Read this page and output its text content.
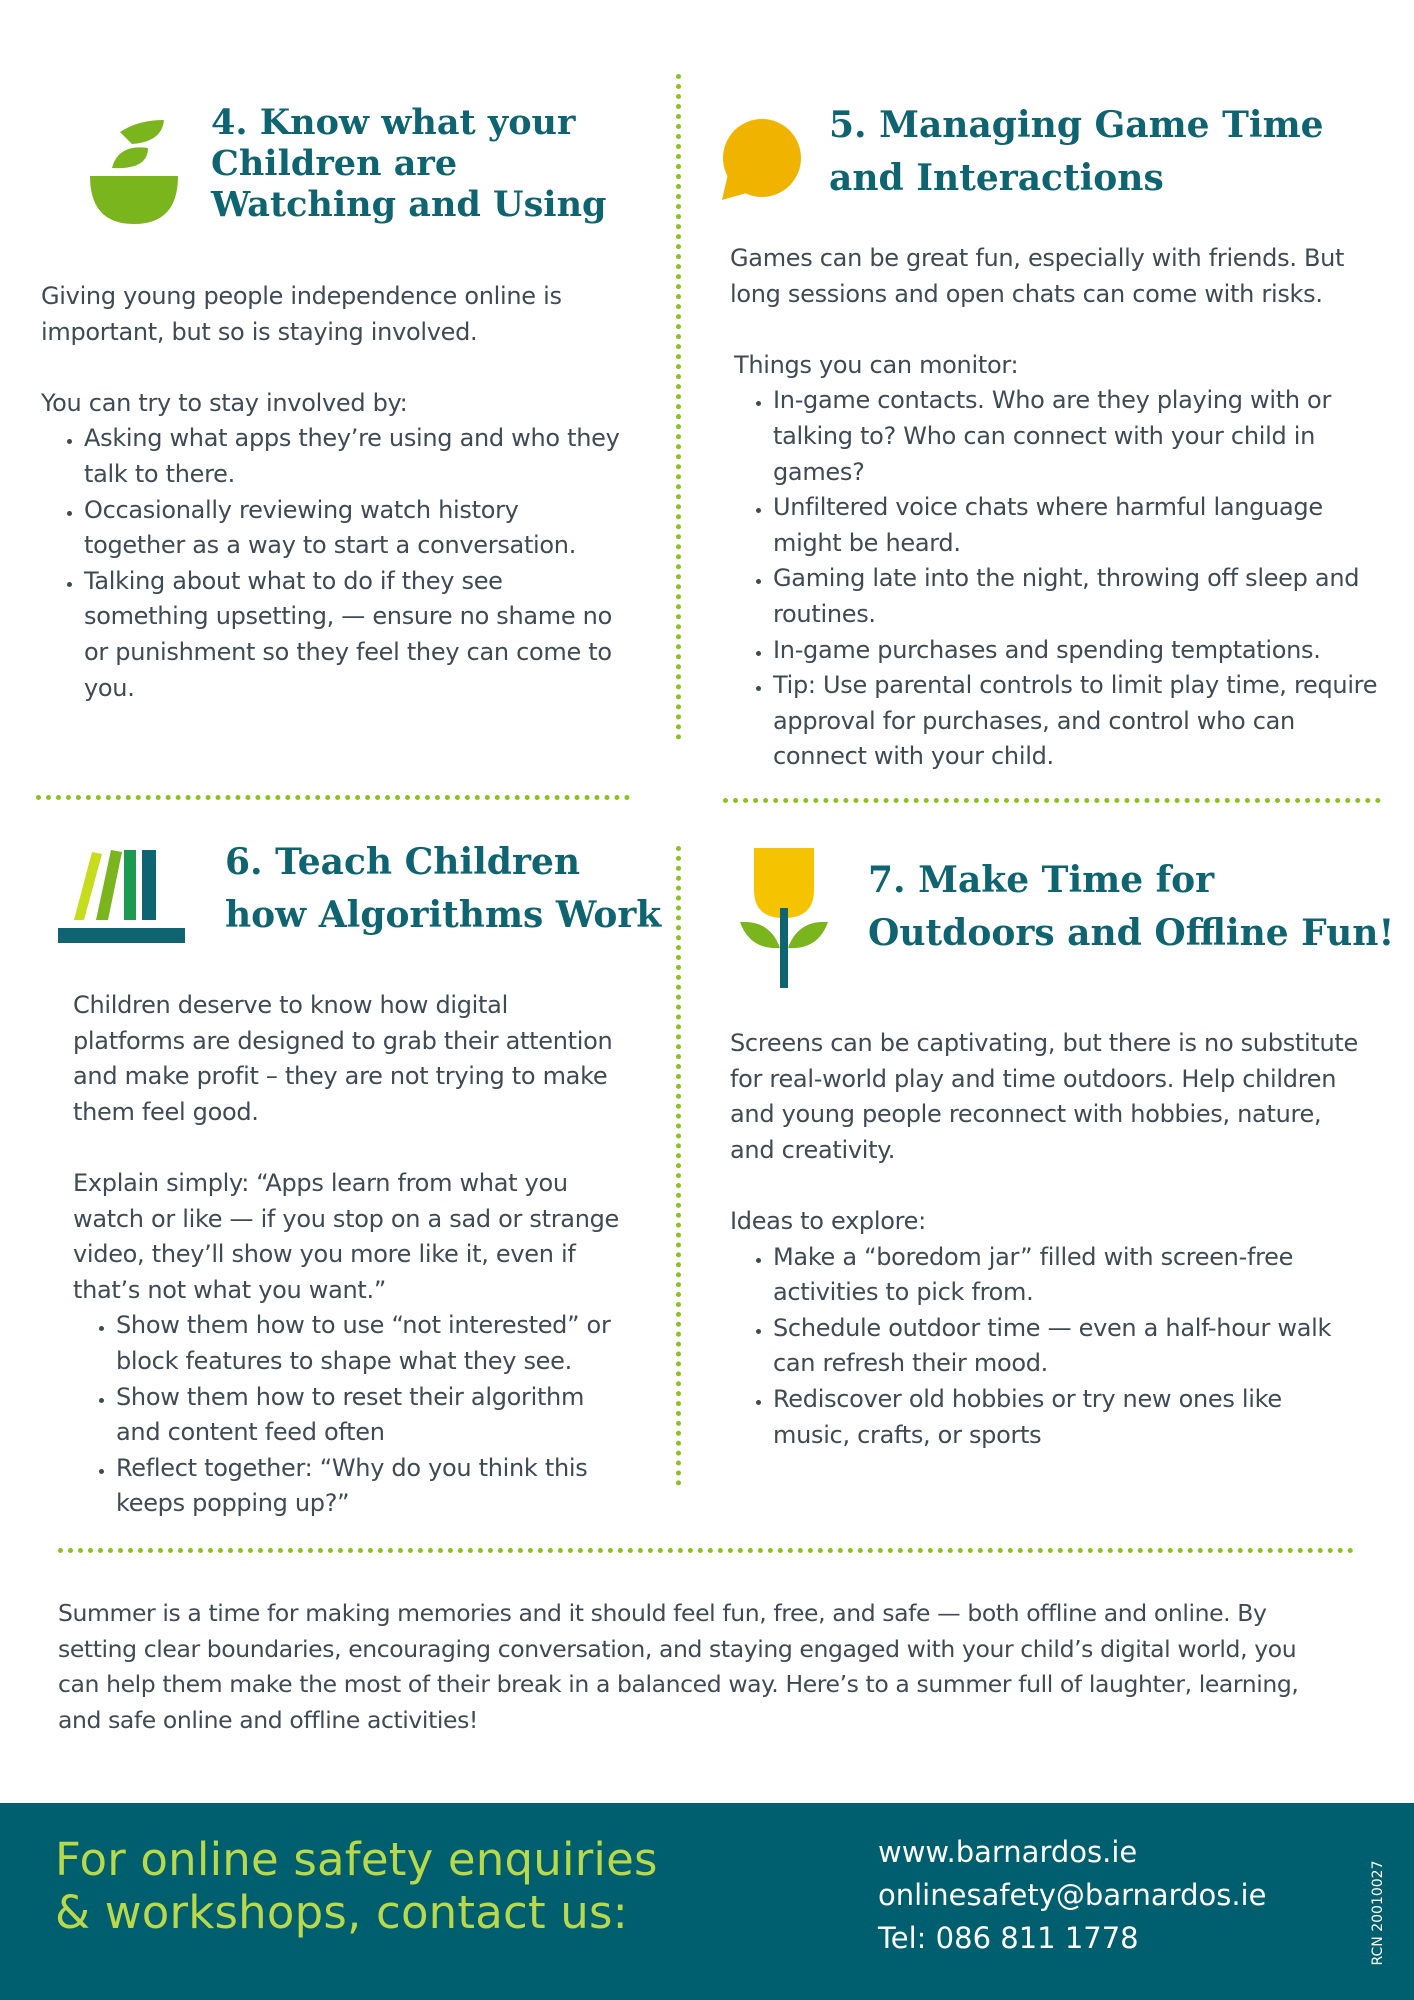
4. Know what your
Children are
Watching and Using

Giving young people independence online is
important, but so is staying involved.

You can try to stay involved by:

• Asking what apps they’re using and who they
talk to there.
• Occasionally reviewing watch history
together as a way to start a conversation.
• Talking about what to do if they see
something upsetting, — ensure no shame no
or punishment so they feel they can come to
you.
5. Managing Game Time
and Interactions

Games can be great fun, especially with friends. But
long sessions and open chats can come with risks.

Things you can monitor:

• In-game contacts. Who are they playing with or
talking to? Who can connect with your child in
games?
• Unfiltered voice chats where harmful language
might be heard.
• Gaming late into the night, throwing off sleep and
routines.
• In-game purchases and spending temptations.
• Tip: Use parental controls to limit play time, require
approval for purchases, and control who can
connect with your child.
6. Teach Children
how Algorithms Work

Children deserve to know how digital
platforms are designed to grab their attention
and make profit – they are not trying to make
them feel good.

Explain simply: “Apps learn from what you
watch or like — if you stop on a sad or strange
video, they’ll show you more like it, even if
that’s not what you want.”

• Show them how to use “not interested” or
block features to shape what they see.
• Show them how to reset their algorithm
and content feed often
• Reflect together: “Why do you think this
keeps popping up?”
7. Make Time for
Outdoors and Offline Fun!

Screens can be captivating, but there is no substitute
for real-world play and time outdoors. Help children
and young people reconnect with hobbies, nature,
and creativity.

Ideas to explore:

• Make a “boredom jar” filled with screen-free
activities to pick from.
• Schedule outdoor time — even a half-hour walk
can refresh their mood.
• Rediscover old hobbies or try new ones like
music, crafts, or sports

Summer is a time for making memories and it should feel fun, free, and safe — both offline and online. By
setting clear boundaries, encouraging conversation, and staying engaged with your child’s digital world, you
can help them make the most of their break in a balanced way. Here’s to a summer full of laughter, learning,
and safe online and offline activities!

For online safety enquiries
& workshops, contact us:

www.barnardos.ie
onlinesafety@barnardos.ie
Tel: 086 811 1778	RCN 20010027
